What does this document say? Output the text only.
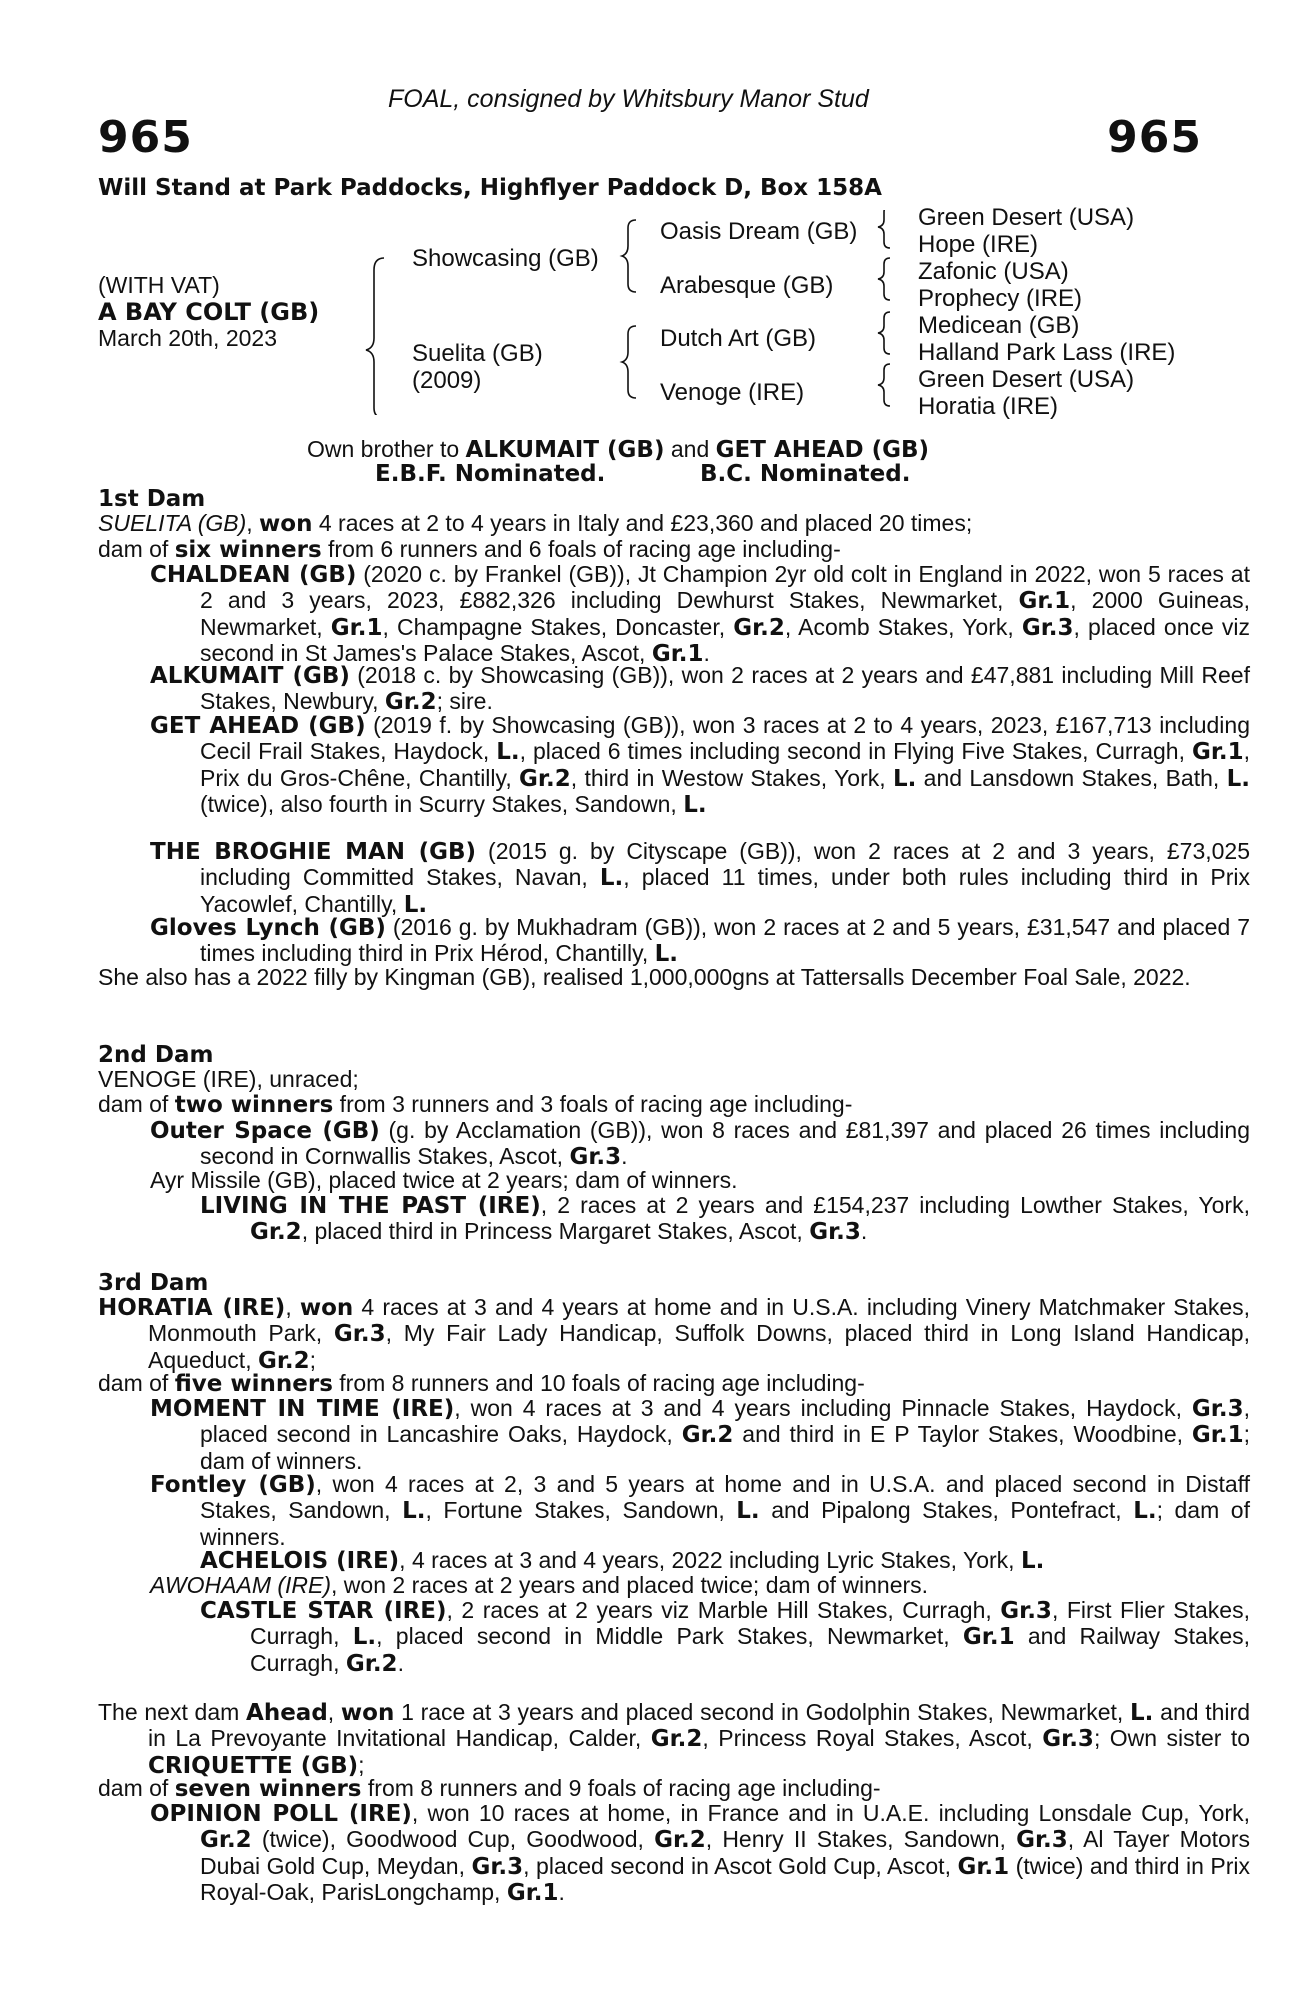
FOAL, consigned by Whitsbury Manor Stud
965	965
Will Stand at Park Paddocks, Highflyer Paddock D, Box 158A
(WITH VAT)
A BAY COLT (GB)
March 20th, 2023
Showcasing (GB)
Suelita (GB)
(2009)
Oasis Dream (GB)
Arabesque (GB)
Dutch Art (GB)
Venoge (IRE)
Green Desert (USA)
Hope (IRE)
Zafonic (USA)
Prophecy (IRE)
Medicean (GB)
Halland Park Lass (IRE)
Green Desert (USA)
Horatia (IRE)
Own brother to ALKUMAIT (GB) and GET AHEAD (GB)
E.B.F. Nominated.	B.C. Nominated.
1st Dam
SUELITA (GB), won 4 races at 2 to 4 years in Italy and £23,360 and placed 20 times;
dam of six winners from 6 runners and 6 foals of racing age including-
CHALDEAN (GB) (2020 c. by Frankel (GB)), Jt Champion 2yr old colt in England in 2022, won 5 races at 2 and 3 years, 2023, £882,326 including Dewhurst Stakes, Newmarket, Gr.1, 2000 Guineas, Newmarket, Gr.1, Champagne Stakes, Doncaster, Gr.2, Acomb Stakes, York, Gr.3, placed once viz second in St James's Palace Stakes, Ascot, Gr.1.
ALKUMAIT (GB) (2018 c. by Showcasing (GB)), won 2 races at 2 years and £47,881 including Mill Reef Stakes, Newbury, Gr.2; sire.
GET AHEAD (GB) (2019 f. by Showcasing (GB)), won 3 races at 2 to 4 years, 2023, £167,713 including Cecil Frail Stakes, Haydock, L., placed 6 times including second in Flying Five Stakes, Curragh, Gr.1, Prix du Gros-Chêne, Chantilly, Gr.2, third in Westow Stakes, York, L. and Lansdown Stakes, Bath, L. (twice), also fourth in Scurry Stakes, Sandown, L.
THE BROGHIE MAN (GB) (2015 g. by Cityscape (GB)), won 2 races at 2 and 3 years, £73,025 including Committed Stakes, Navan, L., placed 11 times, under both rules including third in Prix Yacowlef, Chantilly, L.
Gloves Lynch (GB) (2016 g. by Mukhadram (GB)), won 2 races at 2 and 5 years, £31,547 and placed 7 times including third in Prix Hérod, Chantilly, L.
She also has a 2022 filly by Kingman (GB), realised 1,000,000gns at Tattersalls December Foal Sale, 2022.
2nd Dam
VENOGE (IRE), unraced;
dam of two winners from 3 runners and 3 foals of racing age including-
Outer Space (GB) (g. by Acclamation (GB)), won 8 races and £81,397 and placed 26 times including second in Cornwallis Stakes, Ascot, Gr.3.
Ayr Missile (GB), placed twice at 2 years; dam of winners.
LIVING IN THE PAST (IRE), 2 races at 2 years and £154,237 including Lowther Stakes, York, Gr.2, placed third in Princess Margaret Stakes, Ascot, Gr.3.
3rd Dam
HORATIA (IRE), won 4 races at 3 and 4 years at home and in U.S.A. including Vinery Matchmaker Stakes, Monmouth Park, Gr.3, My Fair Lady Handicap, Suffolk Downs, placed third in Long Island Handicap, Aqueduct, Gr.2;
dam of five winners from 8 runners and 10 foals of racing age including-
MOMENT IN TIME (IRE), won 4 races at 3 and 4 years including Pinnacle Stakes, Haydock, Gr.3, placed second in Lancashire Oaks, Haydock, Gr.2 and third in E P Taylor Stakes, Woodbine, Gr.1; dam of winners.
Fontley (GB), won 4 races at 2, 3 and 5 years at home and in U.S.A. and placed second in Distaff Stakes, Sandown, L., Fortune Stakes, Sandown, L. and Pipalong Stakes, Pontefract, L.; dam of winners.
ACHELOIS (IRE), 4 races at 3 and 4 years, 2022 including Lyric Stakes, York, L.
AWOHAAM (IRE), won 2 races at 2 years and placed twice; dam of winners.
CASTLE STAR (IRE), 2 races at 2 years viz Marble Hill Stakes, Curragh, Gr.3, First Flier Stakes, Curragh, L., placed second in Middle Park Stakes, Newmarket, Gr.1 and Railway Stakes, Curragh, Gr.2.
The next dam Ahead, won 1 race at 3 years and placed second in Godolphin Stakes, Newmarket, L. and third in La Prevoyante Invitational Handicap, Calder, Gr.2, Princess Royal Stakes, Ascot, Gr.3; Own sister to CRIQUETTE (GB);
dam of seven winners from 8 runners and 9 foals of racing age including-
OPINION POLL (IRE), won 10 races at home, in France and in U.A.E. including Lonsdale Cup, York, Gr.2 (twice), Goodwood Cup, Goodwood, Gr.2, Henry II Stakes, Sandown, Gr.3, Al Tayer Motors Dubai Gold Cup, Meydan, Gr.3, placed second in Ascot Gold Cup, Ascot, Gr.1 (twice) and third in Prix Royal-Oak, ParisLongchamp, Gr.1.
